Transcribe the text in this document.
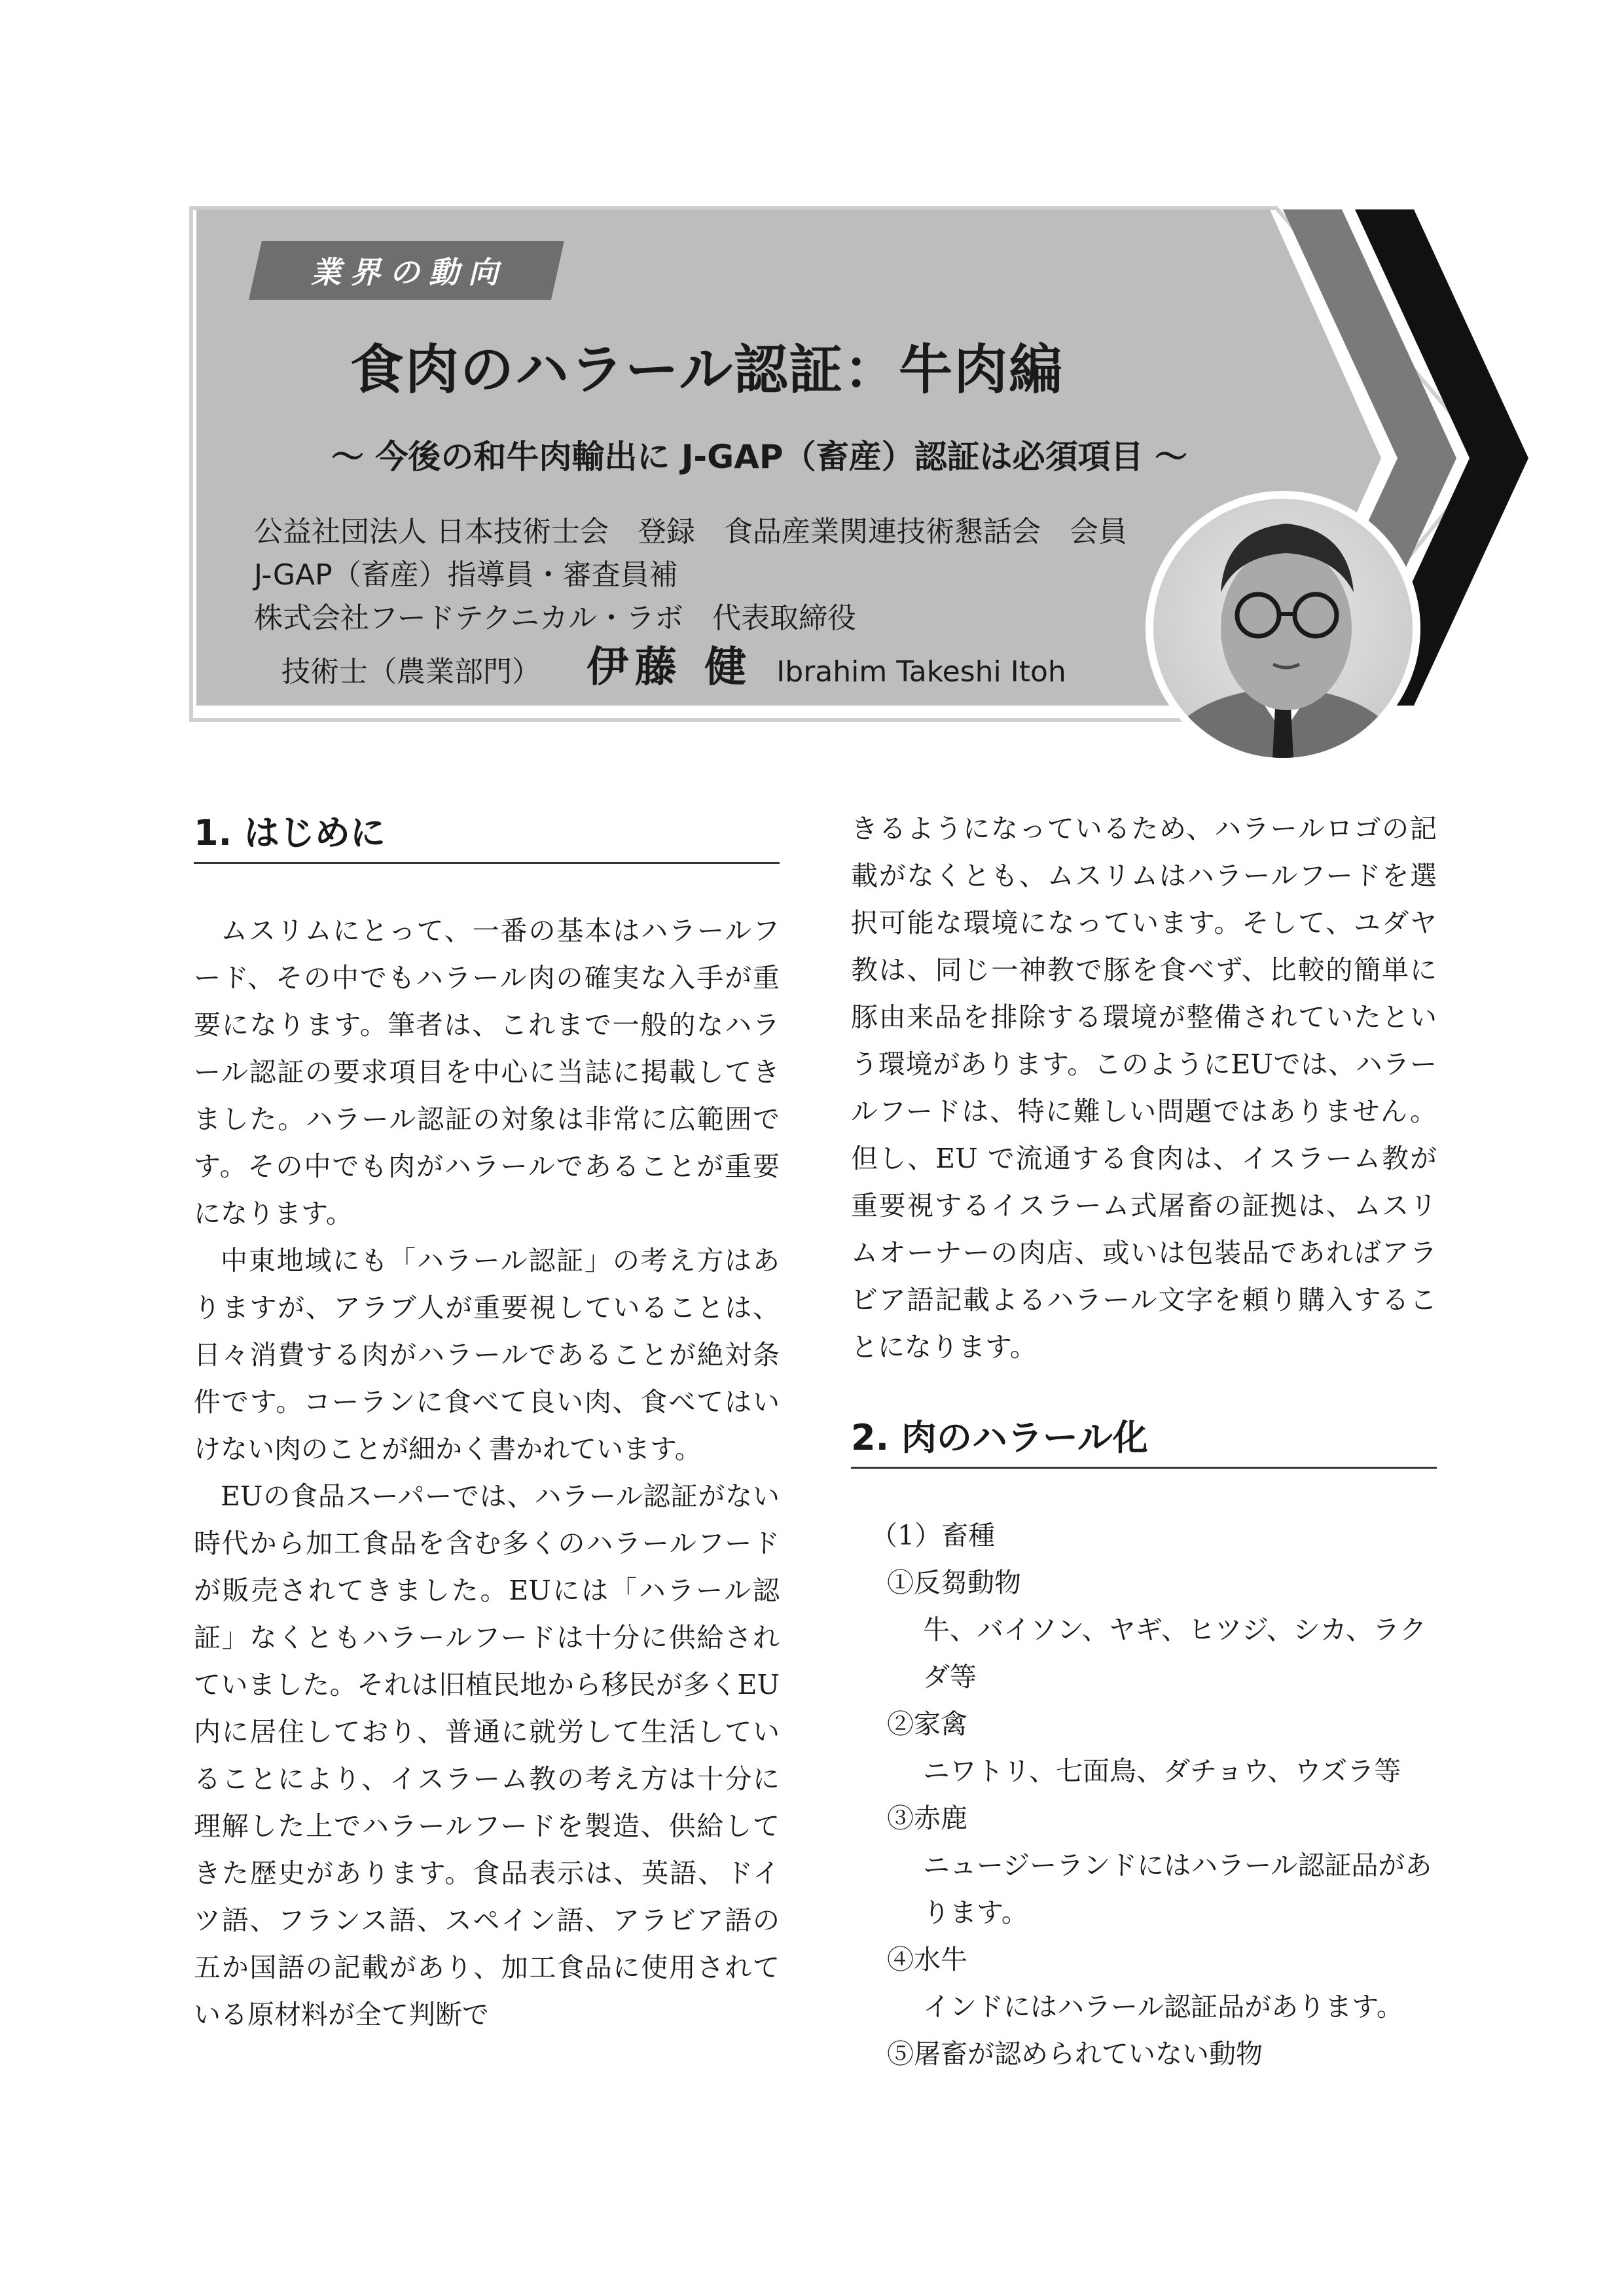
業界の動向
食肉のハラール認証：牛肉編
～ 今後の和牛肉輸出に J-GAP（畜産）認証は必須項目 ～
公益社団法人 日本技術士会　登録　食品産業関連技術懇話会　会員
J-GAP（畜産）指導員・審査員補
株式会社フードテクニカル・ラボ　代表取締役
技術士（農業部門） 伊藤 健 Ibrahim Takeshi Itoh
1. はじめに

ムスリムにとって、一番の基本はハラールフード、その中でもハラール肉の確実な入手が重要になります。筆者は、これまで一般的なハラール認証の要求項目を中心に当誌に掲載してきました。ハラール認証の対象は非常に広範囲です。その中でも肉がハラールであることが重要になります。

中東地域にも「ハラール認証」の考え方はありますが、アラブ人が重要視していることは、日々消費する肉がハラールであることが絶対条件です。コーランに食べて良い肉、食べてはいけない肉のことが細かく書かれています。

EUの食品スーパーでは、ハラール認証がない時代から加工食品を含む多くのハラールフードが販売されてきました。EUには「ハラール認証」なくともハラールフードは十分に供給されていました。それは旧植民地から移民が多くEU内に居住しており、普通に就労して生活していることにより、イスラーム教の考え方は十分に理解した上でハラールフードを製造、供給してきた歴史があります。食品表示は、英語、ドイツ語、フランス語、スペイン語、アラビア語の五か国語の記載があり、加工食品に使用されている原材料が全て判断で

きるようになっているため、ハラールロゴの記載がなくとも、ムスリムはハラールフードを選択可能な環境になっています。そして、ユダヤ教は、同じ一神教で豚を食べず、比較的簡単に豚由来品を排除する環境が整備されていたという環境があります。このようにEUでは、ハラールフードは、特に難しい問題ではありません。但し、EU で流通する食肉は、イスラーム教が重要視するイスラーム式屠畜の証拠は、ムスリムオーナーの肉店、或いは包装品であればアラビア語記載よるハラール文字を頼り購入することになります。

2. 肉のハラール化

（1）畜種

①反芻動物

牛、バイソン、ヤギ、ヒツジ、シカ、ラクダ等

②家禽

ニワトリ、七面鳥、ダチョウ、ウズラ等

③赤鹿

ニュージーランドにはハラール認証品があります。

④水牛

インドにはハラール認証品があります。

⑤屠畜が認められていない動物
